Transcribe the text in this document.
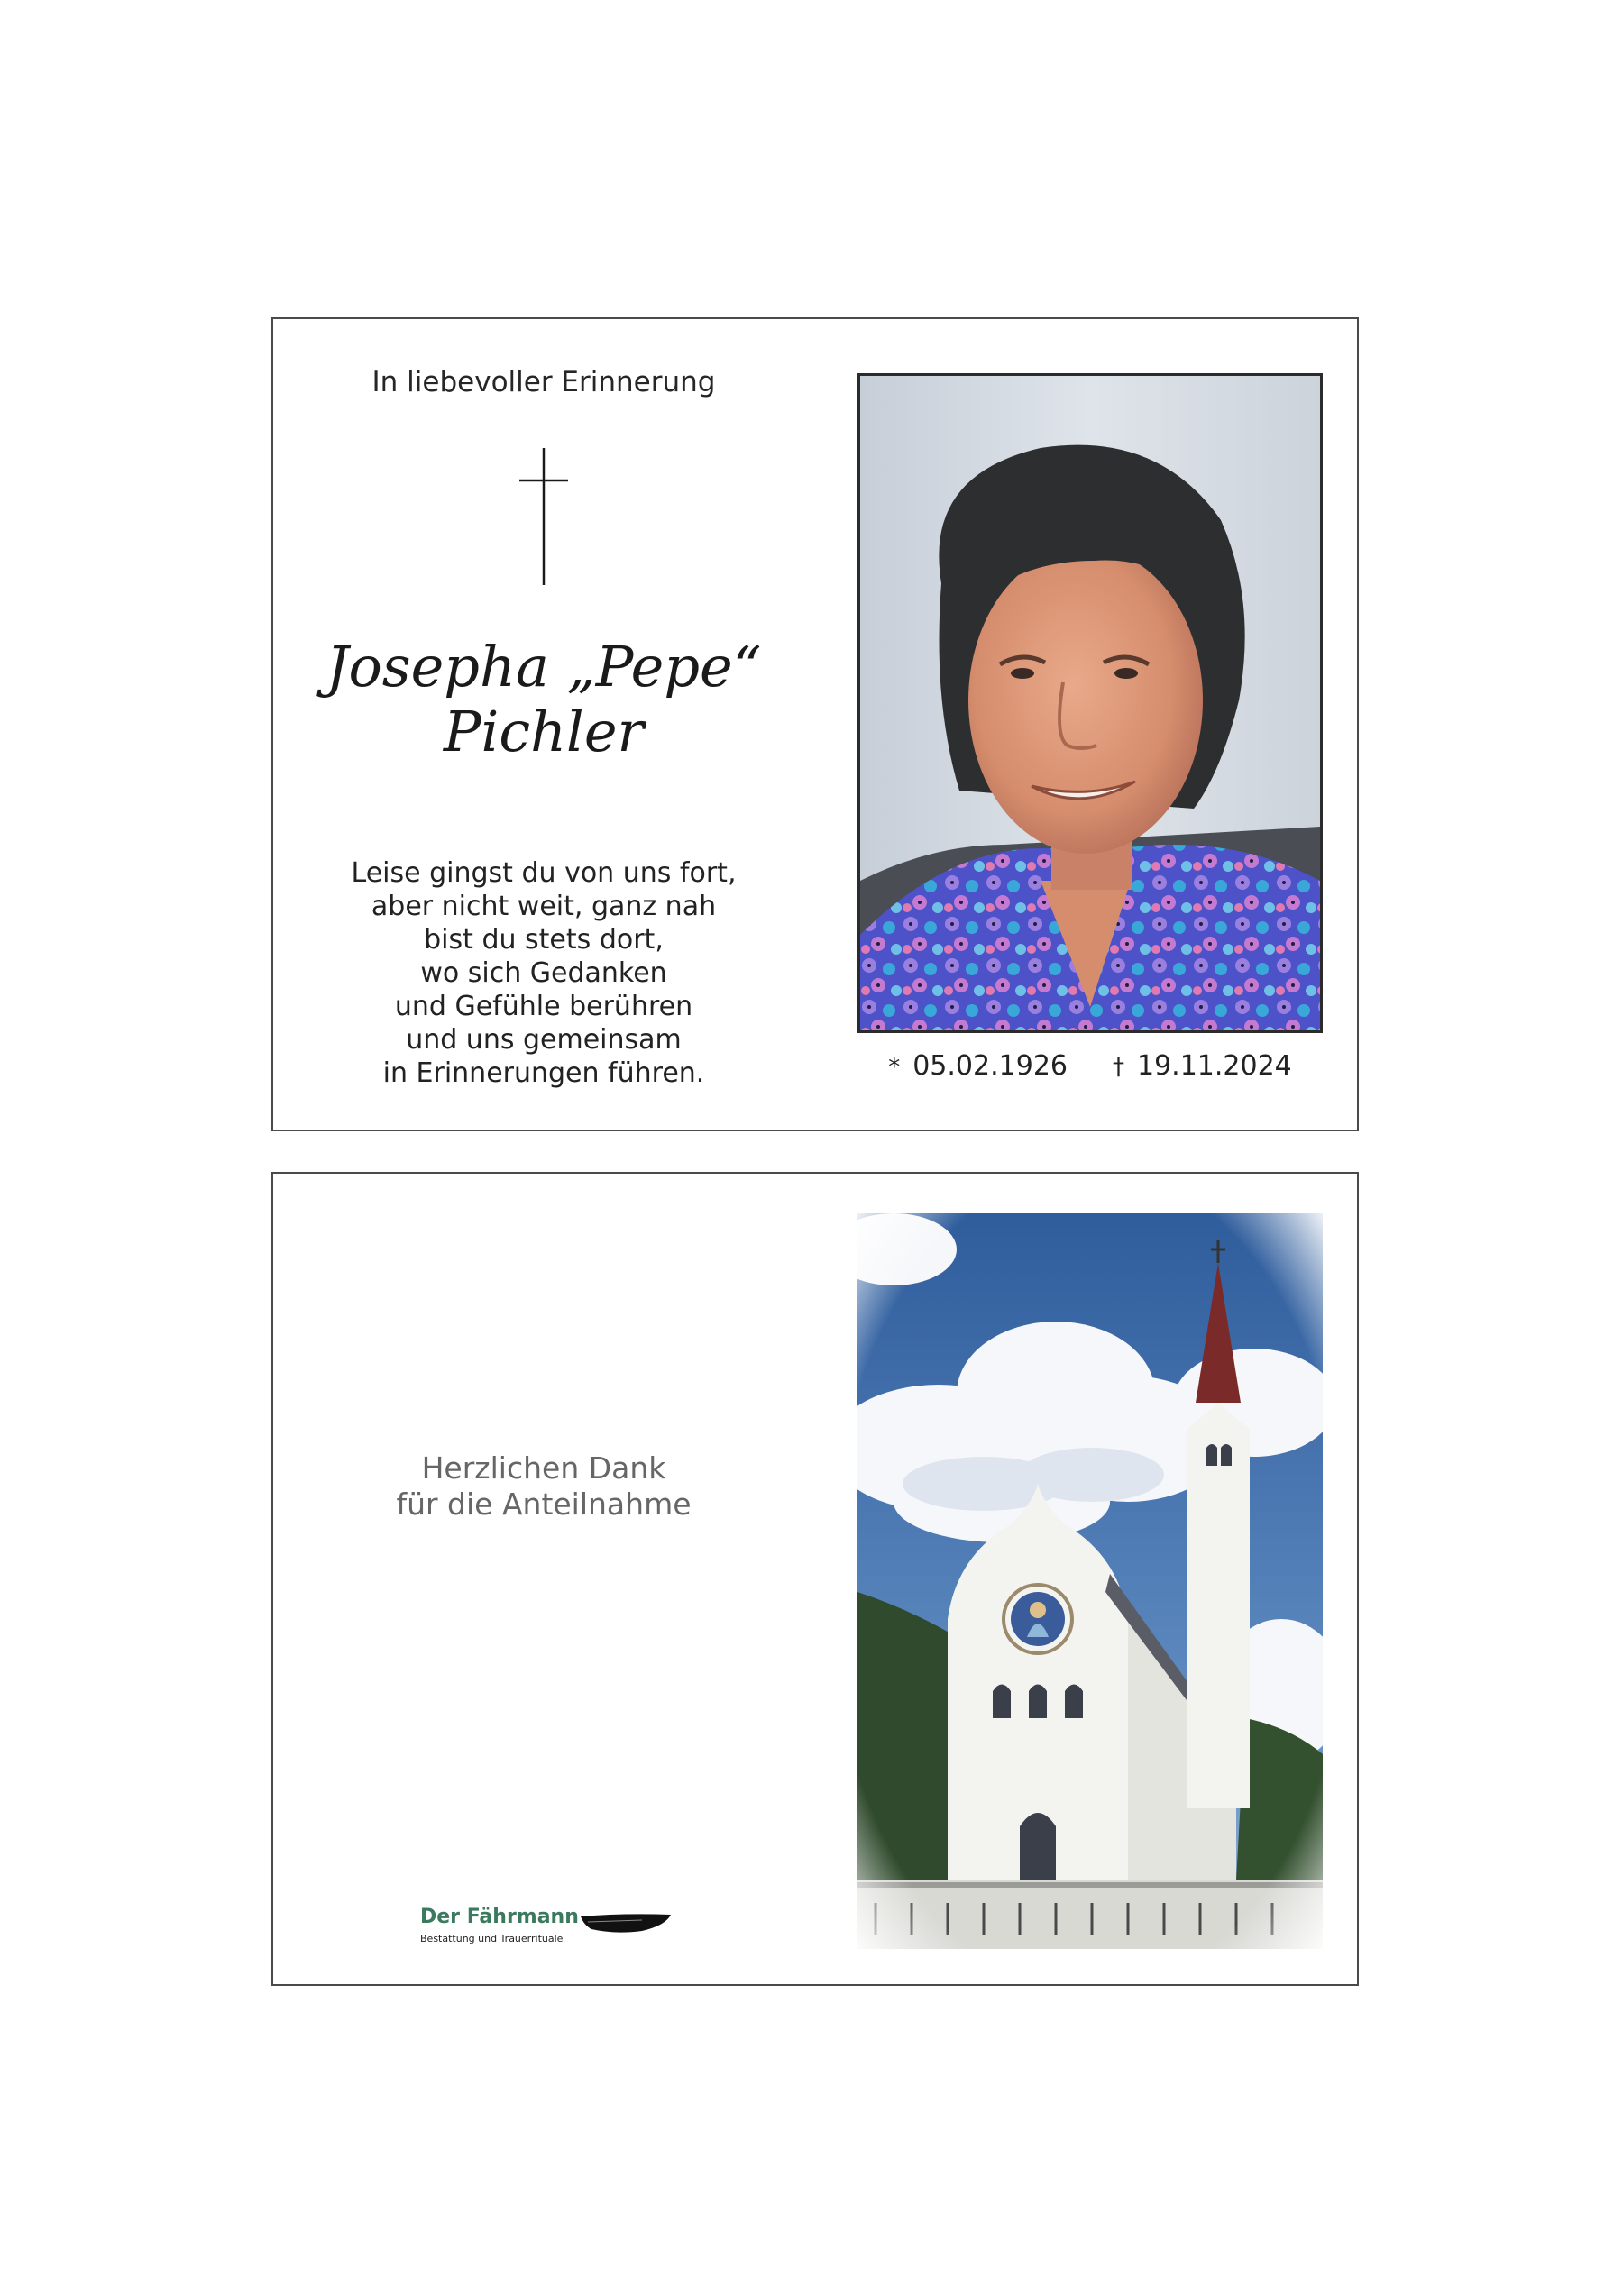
In liebevoller Erinnerung
Josepha „Pepe“
Pichler
Leise gingst du von uns fort,
aber nicht weit, ganz nah
bist du stets dort,
wo sich Gedanken
und Gefühle berühren
und uns gemeinsam
in Erinnerungen führen.	* 05.02.1926 † 19.11.2024
Herzlichen Dank
für die Anteilnahme
Der Fährmann
Bestattung und Trauerrituale
